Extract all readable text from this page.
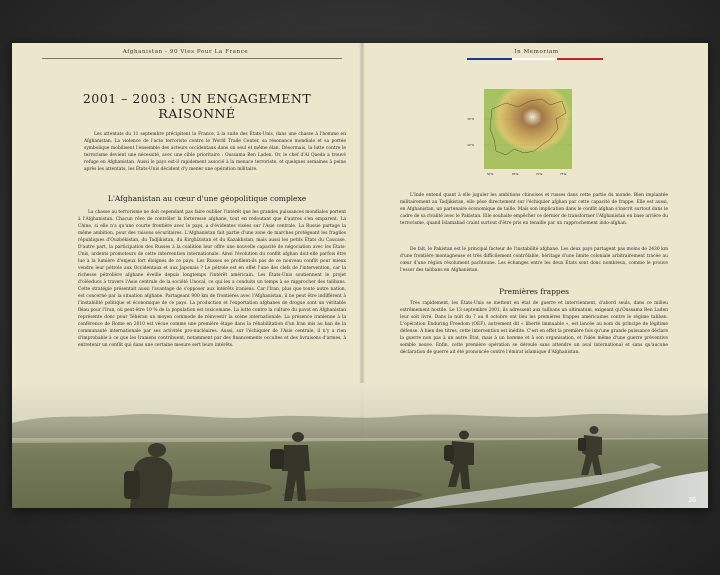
Afghanistan - 90 Vies Pour La France	In Memoriam
2001 – 2003 : UN ENGAGEMENT RAISONNÉ

Les attentats du 11 septembre précipitent la France, à la suite des États-Unis, dans une chasse à l'homme en Afghanistan. La violence de l'acte terroriste contre le World Trade Center, sa résonance mondiale et sa portée symbolique mobilisent l'ensemble des acteurs occidentaux dans un seul et même élan. Désormais, la lutte contre le terrorisme devient une nécessité, avec une cible prioritaire : Oussama Ben Laden. Or, le chef d'Al Qaeda a trouvé refuge en Afghanistan. Aussi le pays est-il rapidement associé à la menace terroriste, et quelques semaines à peine après les attentats, les États-Unis décident d'y mener une opération militaire.

L'Afghanistan au cœur d'une géopolitique complexe

La chasse au terrorisme ne doit cependant pas faire oublier l'intérêt que les grandes puissances mondiales portent à l'Afghanistan. Chacun rêve de contrôler la forteresse afghane, tout en redoutant que d'autres s'en emparent. La Chine, si elle n'a qu'une courte frontière avec le pays, a d'évidentes visées sur l'Asie centrale. La Russie partage la même ambition, pour des raisons sécuritaires. L'Afghanistan fait partie d'une zone de marches protégeant les fragiles républiques d'Ouzbékistan, du Tadjikistan, du Kirghizistan et du Kazakhstan, mais aussi les petits États du Caucase. D'autre part, la participation des Russes à la coalition leur offre une nouvelle capacité de négociation avec les États-Unis, ardents promoteurs de cette intervention internationale. Ainsi l'évolution du conflit afghan doit-elle parfois être lue à la lumière d'enjeux fort éloignés de ce pays. Les Russes se profilent-ils pas de ce nouveau conflit pour mieux vendre leur pétrole aux Occidentaux et aux Japonais ? Le pétrole est en effet l'une des clefs de l'intervention, car la richesse pétrolière afghane éveille depuis longtemps l'intérêt américain. Les États-Unis soutiennent le projet d'oléoducs à travers l'Asie centrale de la société Unocal, ce qui les a conduits un temps à se rapprocher des talibans. Cette stratégie présentait aussi l'avantage de s'opposer aux intérêts iraniens. Car l'Iran, plus que toute autre nation, est concerné par la situation afghane. Partageant 900 km de frontières avec l'Afghanistan, il ne peut être indifférent à l'instabilité politique et économique de ce pays. La production et l'exportation afghanes de drogue sont un véritable fléau pour l'Iran, où peut-être 10 % de la population est toxicomane. La lutte contre la culture du pavot en Afghanistan représente donc pour Téhéran un moyen commode de réinvestir la scène internationale. La présence iranienne à la conférence de Rome en 2010 est vécue comme une première étape dans la réhabilitation d'un Iran mis au ban de la communauté internationale par ses activités pro-nucléaires. Aussi, sur l'échiquier de l'Asie centrale, il n'y a rien d'improbable à ce que les Iraniens contribuent, notamment par des financements occultes et des livraisons d'armes, à entretenir un conflit qui dans une certaine mesure sert leurs intérêts.

35°N
30°N
60°E	65°E	70°E	75°E

L'Inde entend quant à elle juguler les ambitions chinoises et russes dans cette partie du monde. Bien implantée militairement au Tadjikistan, elle pèse directement sur l'échiquier afghan par cette capacité de frappe. Elle est aussi, en Afghanistan, un partenaire économique de taille. Mais son implication dans le conflit afghan s'inscrit surtout dans le cadre de sa rivalité avec le Pakistan. Elle souhaite empêcher ce dernier de transformer l'Afghanistan en base arrière du terrorisme, quand Islamabad craint surtout d'être pris en tenaille par un rapprochement indo-afghan.

De fait, le Pakistan est le principal facteur de l'instabilité afghane. Les deux pays partagent pas moins de 2430 km d'une frontière montagneuse et très difficilement contrôlable, héritage d'une limite coloniale arbitrairement tracée au cœur d'une région résolument pachtoune. Les échanges entre les deux États sont donc nombreux, comme le prouve l'essor des talibans en Afghanistan.

Premières frappes

Très rapidement, les États-Unis se mettent en état de guerre et interviennent, d'abord seuls, dans ce milieu extrêmement hostile. Le 13 septembre 2001, ils adressent aux talibans un ultimatum, exigeant qu'Oussama Ben Laden leur soit livré. Dans la nuit du 7 au 8 octobre ont lieu les premières frappes américaines contre le régime taliban. L'opération Enduring Freedom (OEF), autrement dit « liberté immuable », est lancée au nom du principe de légitime défense. À bien des titres, cette intervention est inédite. C'est en effet la première fois qu'une grande puissance déclare la guerre non pas à un autre État, mais à un homme et à son organisation, et l'idée même d'une guerre préventive semble neuve. Enfin, cette première opération se déroule sans attendre un aval international et sans qu'aucune déclaration de guerre ait été prononcée contre l'émirat islamique d'Afghanistan.

26
